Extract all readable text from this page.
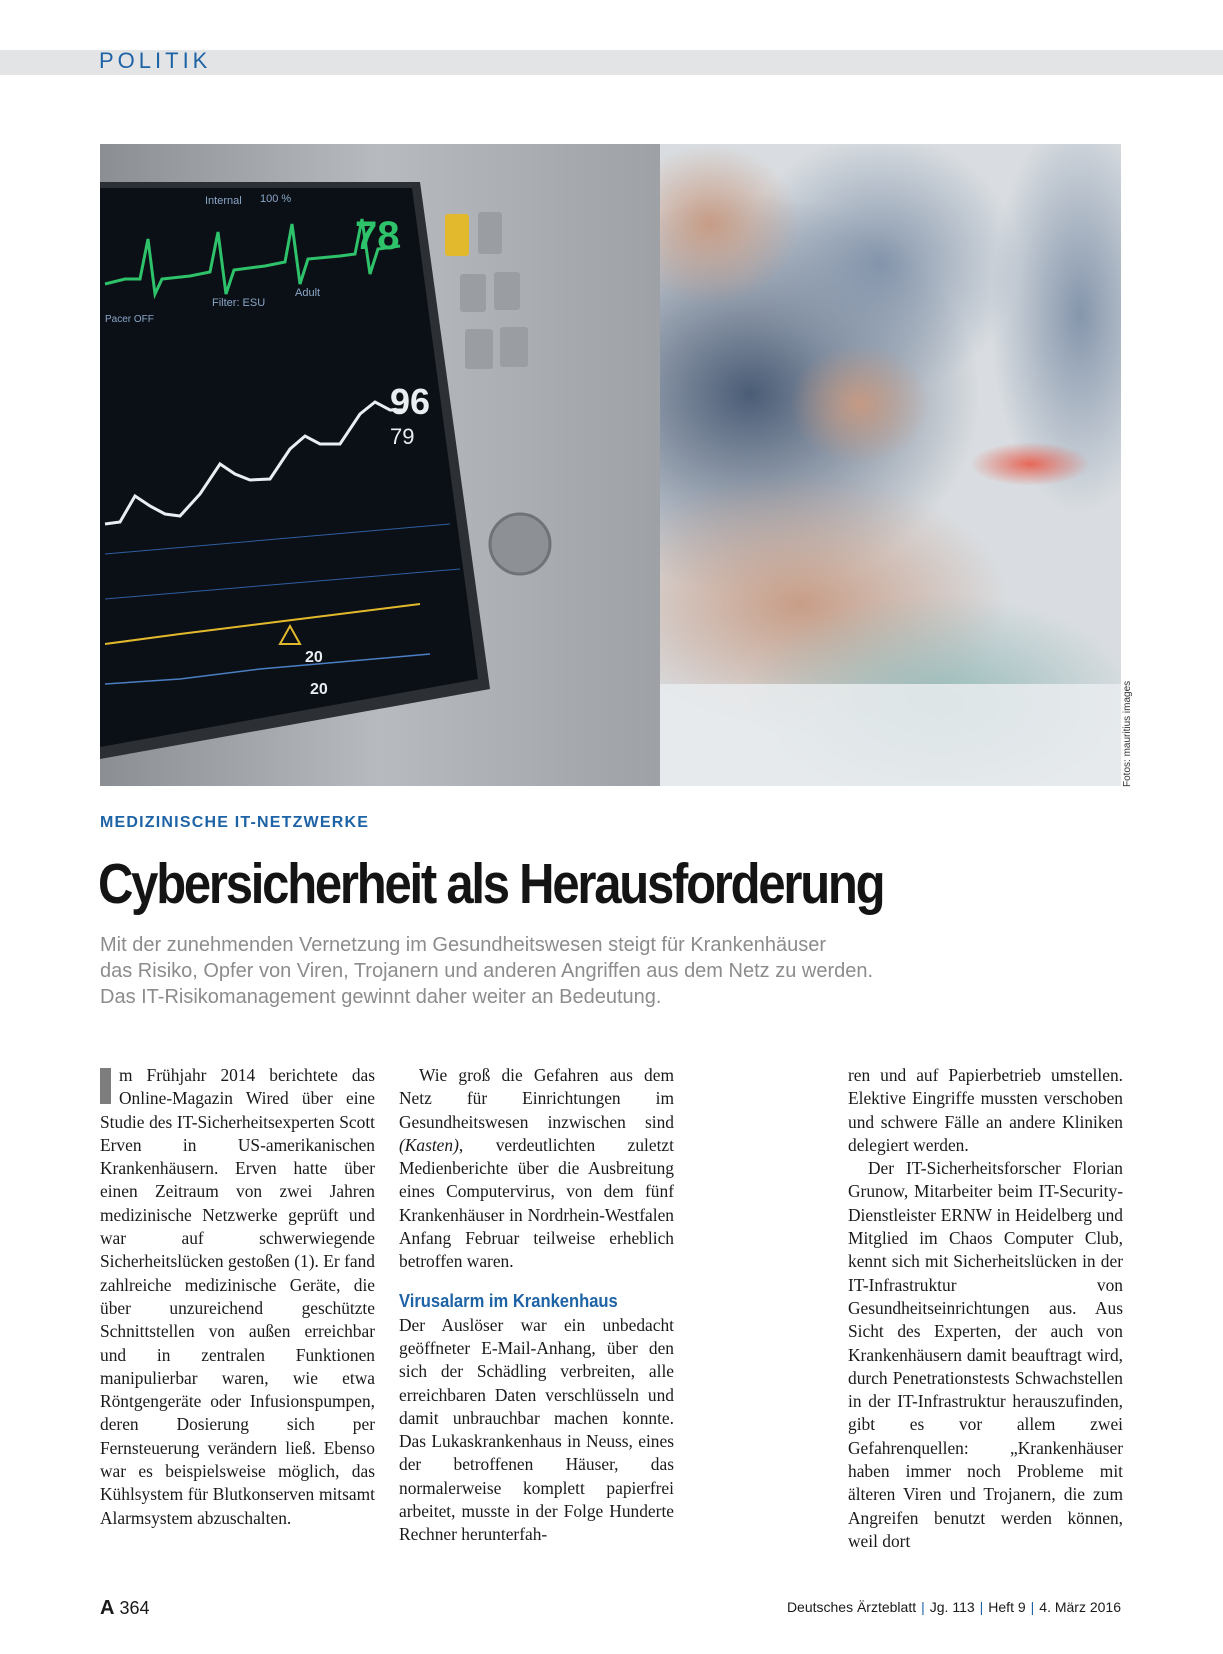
POLITIK
78
96
79
Internal 100 %
Filter: ESU
Adult
Pacer OFF
20
20	Fotos: mauritius images
MEDIZINISCHE IT-NETZWERKE
Cybersicherheit als Herausforderung
Mit der zunehmenden Vernetzung im Gesundheitswesen steigt für Krankenhäuser
das Risiko, Opfer von Viren, Trojanern und anderen Angriffen aus dem Netz zu werden.
Das IT-Risikomanagement gewinnt daher weiter an Bedeutung.

m Frühjahr 2014 berichtete das Online-Magazin Wired über eine Studie des IT-Sicherheitsexperten Scott Erven in US-amerikanischen Krankenhäusern. Erven hatte über einen Zeitraum von zwei Jahren medizinische Netzwerke geprüft und war auf schwerwiegende Sicherheitslücken gestoßen (1). Er fand zahlreiche medizinische Geräte, die über unzureichend geschützte Schnittstellen von außen erreichbar und in zentralen Funktionen manipulierbar waren, wie etwa Röntgengeräte oder Infusionspumpen, deren Dosierung sich per Fernsteuerung verändern ließ. Ebenso war es beispielsweise möglich, das Kühlsystem für Blutkonserven mitsamt Alarmsystem abzuschalten.

Wie groß die Gefahren aus dem Netz für Einrichtungen im Gesundheitswesen inzwischen sind (Kasten), verdeutlichten zuletzt Medienberichte über die Ausbreitung eines Computervirus, von dem fünf Krankenhäuser in Nordrhein-Westfalen Anfang Februar teilweise erheblich betroffen waren.

Virusalarm im Krankenhaus

Der Auslöser war ein unbedacht geöffneter E-Mail-Anhang, über den sich der Schädling verbreiten, alle erreichbaren Daten verschlüsseln und damit unbrauchbar machen konnte. Das Lukaskrankenhaus in Neuss, eines der betroffenen Häuser, das normalerweise komplett papierfrei arbeitet, musste in der Folge Hunderte Rechner herunterfah-

ren und auf Papierbetrieb umstellen. Elektive Eingriffe mussten verschoben und schwere Fälle an andere Kliniken delegiert werden.

Der IT-Sicherheitsforscher Florian Grunow, Mitarbeiter beim IT-Security-Dienstleister ERNW in Heidelberg und Mitglied im Chaos Computer Club, kennt sich mit Sicherheitslücken in der IT-Infrastruktur von Gesundheitseinrichtungen aus. Aus Sicht des Experten, der auch von Krankenhäusern damit beauftragt wird, durch Penetrationstests Schwachstellen in der IT-Infrastruktur herauszufinden, gibt es vor allem zwei Gefahrenquellen: „Krankenhäuser haben immer noch Probleme mit älteren Viren und Trojanern, die zum Angreifen benutzt werden können, weil dort

A 364	Deutsches Ärzteblatt | Jg. 113 | Heft 9 | 4. März 2016
